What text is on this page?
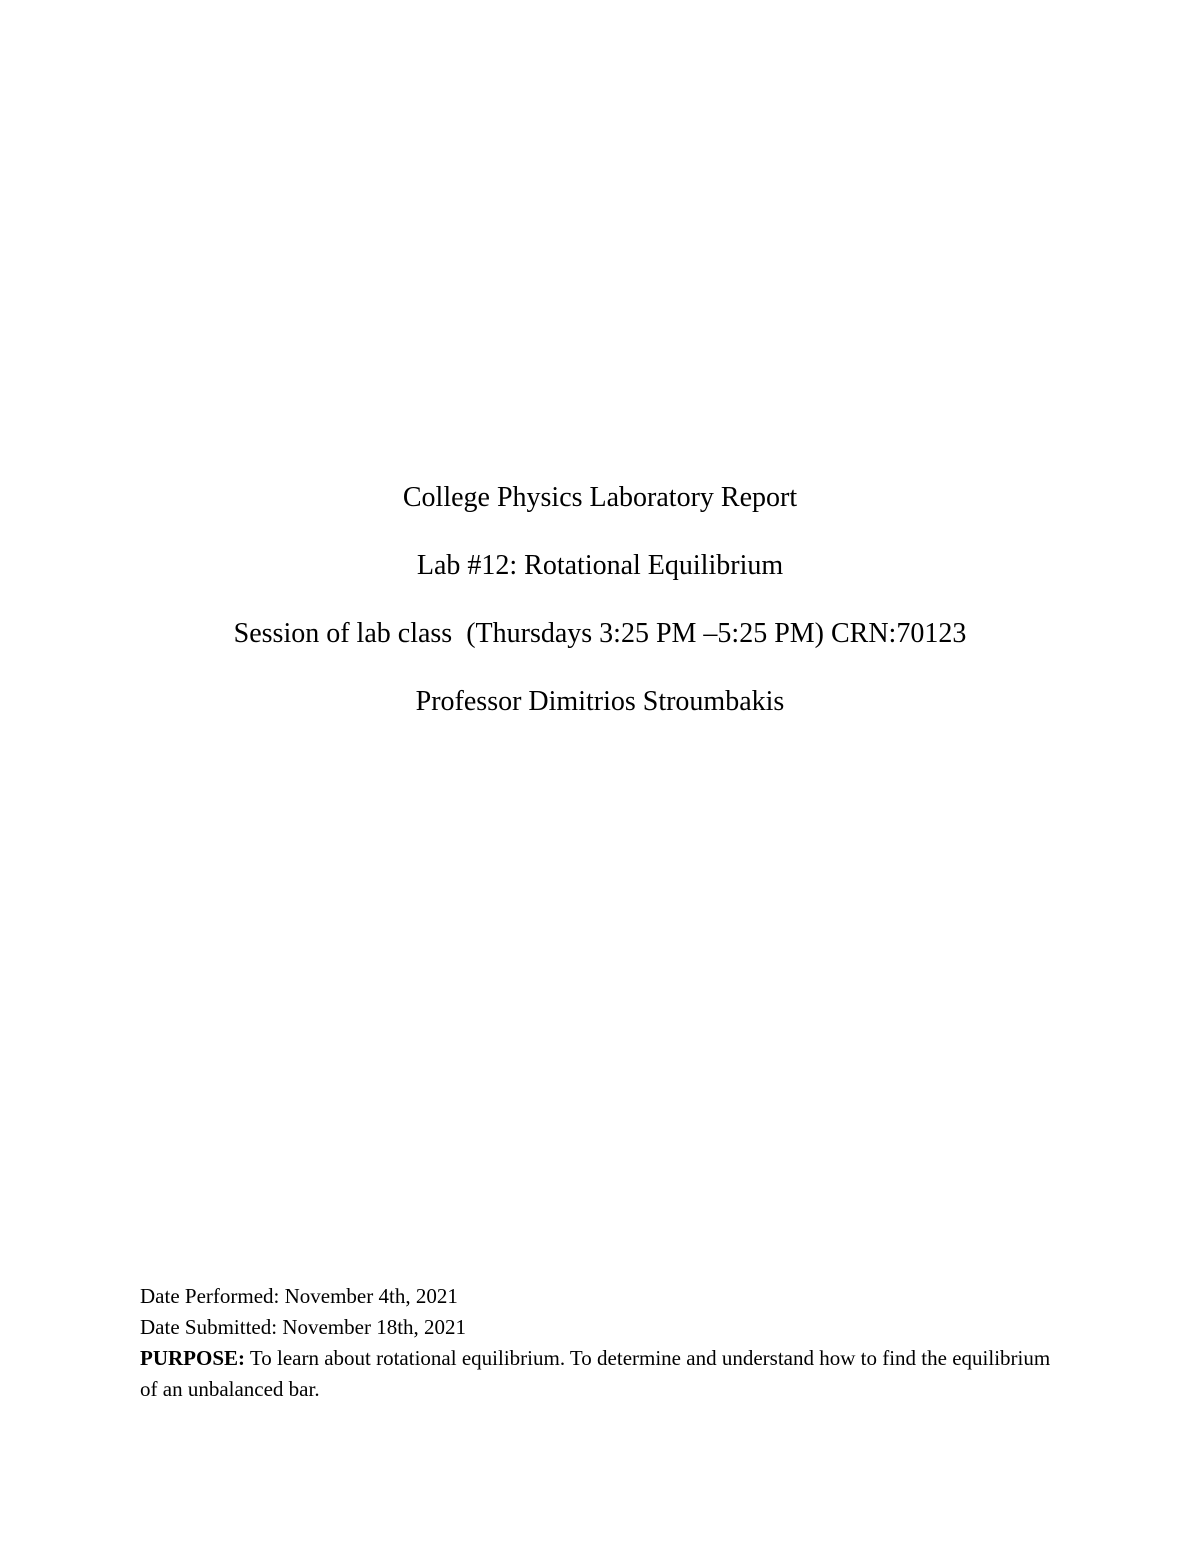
College Physics Laboratory Report
Lab #12: Rotational Equilibrium
Session of lab class  (Thursdays 3:25 PM –5:25 PM) CRN:70123
Professor Dimitrios Stroumbakis

Date Performed: November 4th, 2021

Date Submitted: November 18th, 2021

PURPOSE: To learn about rotational equilibrium. To determine and understand how to find the equilibrium of an unbalanced bar.
